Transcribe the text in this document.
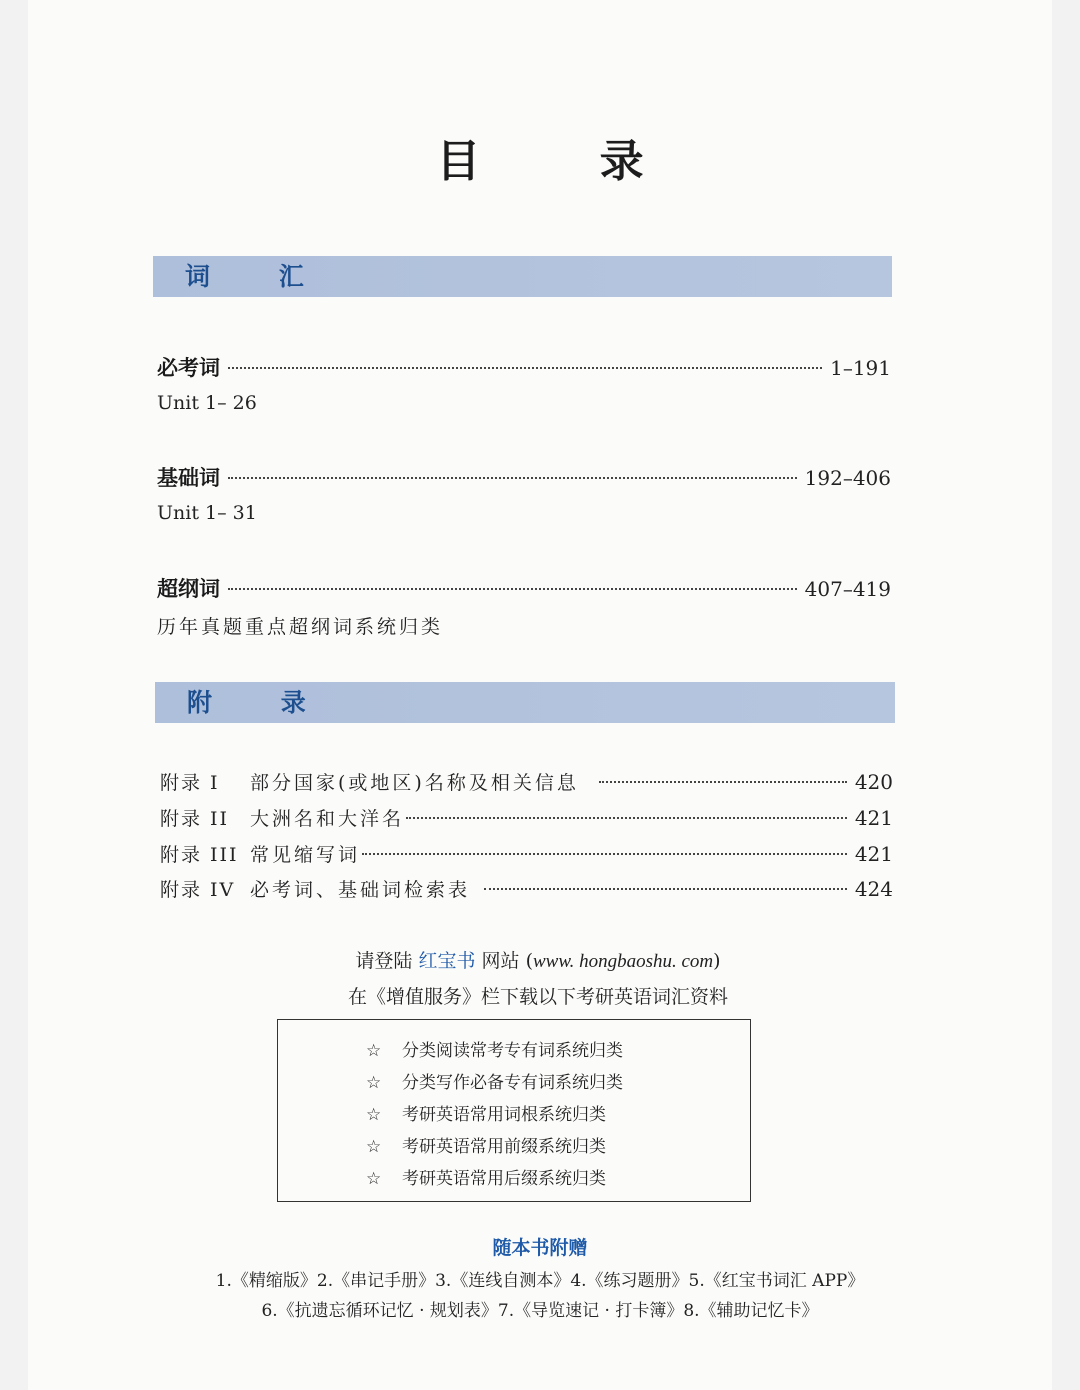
目 录
词 汇
必考词	1–191
Unit 1– 26
基础词	192–406
Unit 1– 31
超纲词	407–419
历年真题重点超纲词系统归类
附 录
附录 I	部分国家(或地区)名称及相关信息	420
附录 II	大洲名和大洋名	421
附录 III 常见缩写词	421
附录 IV 必考词、基础词检索表	424
请登陆 红宝书 网站 (www. hongbaoshu. com)
在《增值服务》栏下载以下考研英语词汇资料
☆ 分类阅读常考专有词系统归类
☆ 分类写作必备专有词系统归类
☆ 考研英语常用词根系统归类
☆ 考研英语常用前缀系统归类
☆ 考研英语常用后缀系统归类
随本书附赠
1.《精缩版》2.《串记手册》3.《连线自测本》4.《练习题册》5.《红宝书词汇 APP》
6.《抗遗忘循环记忆 · 规划表》7.《导览速记 · 打卡簿》8.《辅助记忆卡》
